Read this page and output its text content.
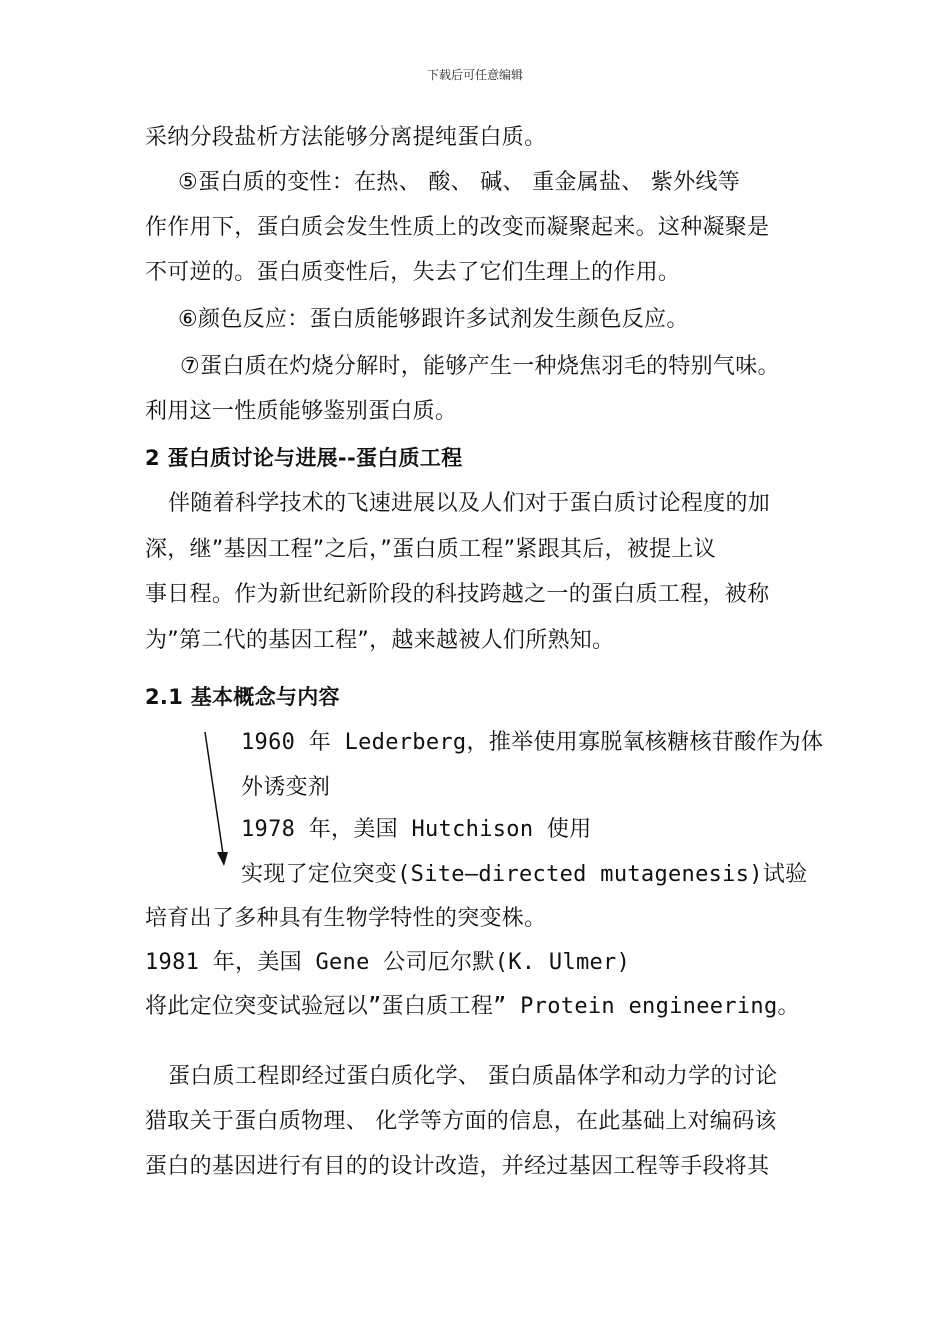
下载后可任意编辑
采纳分段盐析方法能够分离提纯蛋白质。
⑤蛋白质的变性：在热、 酸、 碱、 重金属盐、 紫外线等
作作用下，蛋白质会发生性质上的改变而凝聚起来。这种凝聚是
不可逆的。蛋白质变性后，失去了它们生理上的作用。
⑥颜色反应：蛋白质能够跟许多试剂发生颜色反应。
⑦蛋白质在灼烧分解时，能够产生一种烧焦羽毛的特别气味。
利用这一性质能够鉴别蛋白质。
2 蛋白质讨论与进展--蛋白质工程
伴随着科学技术的飞速进展以及人们对于蛋白质讨论程度的加
深，继”基因工程”之后，”蛋白质工程”紧跟其后，被提上议
事日程。作为新世纪新阶段的科技跨越之一的蛋白质工程，被称
为”第二代的基因工程”，越来越被人们所熟知。
2.1 基本概念与内容
1960 年 Lederberg，推举使用寡脱氧核糖核苷酸作为体
外诱变剂
1978 年，美国 Hutchison 使用
实现了定位突变(Site—directed mutagenesis)试验
培育出了多种具有生物学特性的突变株。
1981 年，美国 Gene 公司厄尔默(K. Ulmer)
将此定位突变试验冠以”蛋白质工程” Protein engineering。
蛋白质工程即经过蛋白质化学、 蛋白质晶体学和动力学的讨论
猎取关于蛋白质物理、 化学等方面的信息，在此基础上对编码该
蛋白的基因进行有目的的设计改造，并经过基因工程等手段将其
